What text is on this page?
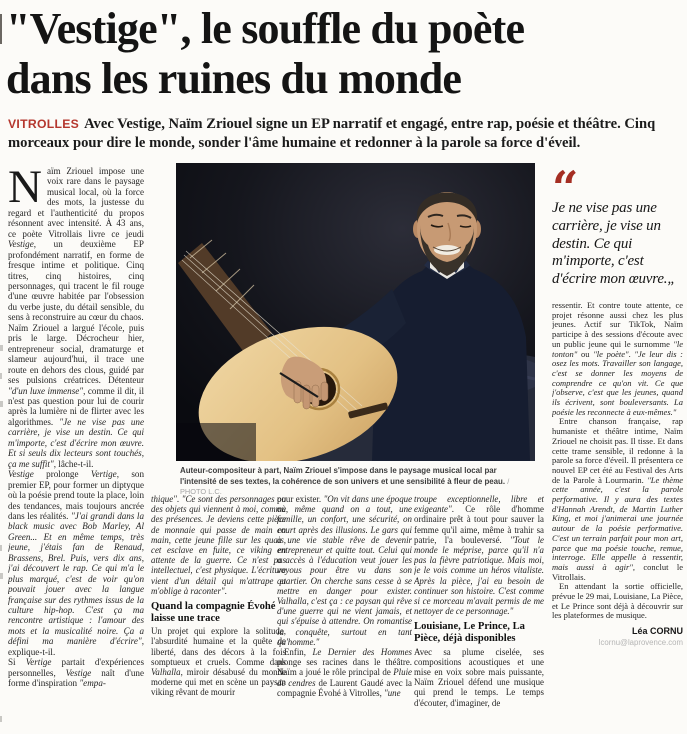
"Vestige", le souffle du poète
dans les ruines du monde

VITROLLES Avec Vestige, Naïm Zriouel signe un EP narratif et engagé, entre rap, poésie et théâtre. Cinq morceaux pour dire le monde, sonder l'âme humaine et redonner à la parole sa force d'éveil.

Auteur-compositeur à part, Naïm Zriouel s'impose dans le paysage musical local par l'intensité de ses textes, la cohérence de son univers et une sensibilité à fleur de peau. / PHOTO L.C.

Naïm Zriouel impose une voix rare dans le paysage musical local, où la force des mots, la justesse du regard et l'authenticité du propos résonnent avec intensité. À 43 ans, ce poète Vitrollais livre ce jeudi Vestige, un deuxième EP profondément narratif, en forme de fresque intime et politique. Cinq titres, cinq histoires, cinq personnages, qui tracent le fil rouge d'une œuvre habitée par l'obsession du verbe juste, du détail sensible, du sens à reconstruire au cœur du chaos.

Naïm Zriouel a largué l'école, puis pris le large. Décrocheur hier, entrepreneur social, dramaturge et slameur aujourd'hui, il trace une route en dehors des clous, guidé par ses pulsions créatrices. Détenteur "d'un luxe immense", comme il dit, il n'est pas question pour lui de courir après la lumière ni de flirter avec les algorithmes. "Je ne vise pas une carrière, je vise un destin. Ce qui m'importe, c'est d'écrire mon œuvre. Et si seuls dix lecteurs sont touchés, ça me suffit", lâche-t-il.

Vestige prolonge Vertige, son premier EP, pour former un diptyque où la poésie prend toute la place, loin des tendances, mais toujours ancrée dans les réalités. "J'ai grandi dans la black music avec Bob Marley, Al Green... Et en même temps, très jeune, j'étais fan de Renaud, Brassens, Brel. Puis, vers dix ans, j'ai découvert le rap. Ce qui m'a le plus marqué, c'est de voir qu'on pouvait jouer avec la langue française sur des rythmes issus de la culture hip-hop. C'est ça ma rencontre artistique : l'amour des mots et la musicalité noire. Ça a défini ma manière d'écrire", explique-t-il.

Si Vertige partait d'expériences personnelles, Vestige naît d'une forme d'inspiration "empa-

thique". "Ce sont des personnages ou des objets qui viennent à moi, comme des présences. Je deviens cette pièce de monnaie qui passe de main en main, cette jeune fille sur les quais, cet esclave en fuite, ce viking en attente de la guerre. Ce n'est pas intellectuel, c'est physique. L'écriture vient d'un détail qui m'attrape et m'oblige à raconter".

Quand la compagnie Évohé laisse une trace

Un projet qui explore la solitude, l'absurdité humaine et la quête de liberté, dans des décors à la fois somptueux et cruels. Comme dans Valhalla, miroir désabusé du monde moderne qui met en scène un paysan viking rêvant de mourir

pour exister. "On vit dans une époque où, même quand on a tout, une famille, un confort, une sécurité, on court après des illusions. Le gars qui a une vie stable rêve de devenir entrepreneur et quitte tout. Celui qui a accès à l'éducation veut jouer les voyous pour être vu dans son quartier. On cherche sans cesse à se mettre en danger pour exister. Valhalla, c'est ça : ce paysan qui rêve d'une guerre qui ne vient jamais, et qui s'épuise à attendre. On romantise la conquête, surtout en tant qu'homme."

Enfin, Le Dernier des Hommes plonge ses racines dans le théâtre. Naïm a joué le rôle principal de Pluie de cendres de Laurent Gaudé avec la compagnie Évohé à Vitrolles, "une

troupe exceptionnelle, libre et exigeante". Ce rôle d'homme ordinaire prêt à tout pour sauver la femme qu'il aime, même à trahir sa patrie, l'a bouleversé. "Tout le monde le méprise, parce qu'il n'a pas la fièvre patriotique. Mais moi, je le vois comme un héros vitaliste. Après la pièce, j'ai eu besoin de continuer son histoire. C'est comme si ce morceau m'avait permis de me nettoyer de ce personnage."

Louisiane, Le Prince, La Pièce, déjà disponibles

Avec sa plume ciselée, ses compositions acoustiques et une mise en voix sobre mais puissante, Naïm Zriouel défend une musique qui prend le temps. Le temps d'écouter, d'imaginer, de

“
Je ne vise pas une carrière, je vise un destin. Ce qui m'importe, c'est d'écrire mon œuvre.„

ressentir. Et contre toute attente, ce projet résonne aussi chez les plus jeunes. Actif sur TikTok, Naïm participe à des sessions d'écoute avec un public jeune qui le surnomme "le tonton" ou "le poète". "Je leur dis : osez les mots. Travailler son langage, c'est se donner les moyens de comprendre ce qu'on vit. Ce que j'observe, c'est que les jeunes, quand ils écrivent, sont bouleversants. La poésie les reconnecte à eux-mêmes."

Entre chanson française, rap humaniste et théâtre intime, Naïm Zriouel ne choisit pas. Il tisse. Et dans cette trame sensible, il redonne à la parole sa force d'éveil. Il présentera ce nouvel EP cet été au Festival des Arts de la Parole à Lourmarin. "Le thème cette année, c'est la parole performative. Il y aura des textes d'Hannah Arendt, de Martin Luther King, et moi j'animerai une journée autour de la poésie performative. C'est un terrain parfait pour mon art, parce que ma poésie touche, remue, interroge. Elle appelle à ressentir, mais aussi à agir", conclut le Vitrollais.

En attendant la sortie officielle, prévue le 29 mai, Louisiane, La Pièce, et Le Prince sont déjà à découvrir sur les plateformes de musique.

Léa CORNU
lcornu@laprovence.com
